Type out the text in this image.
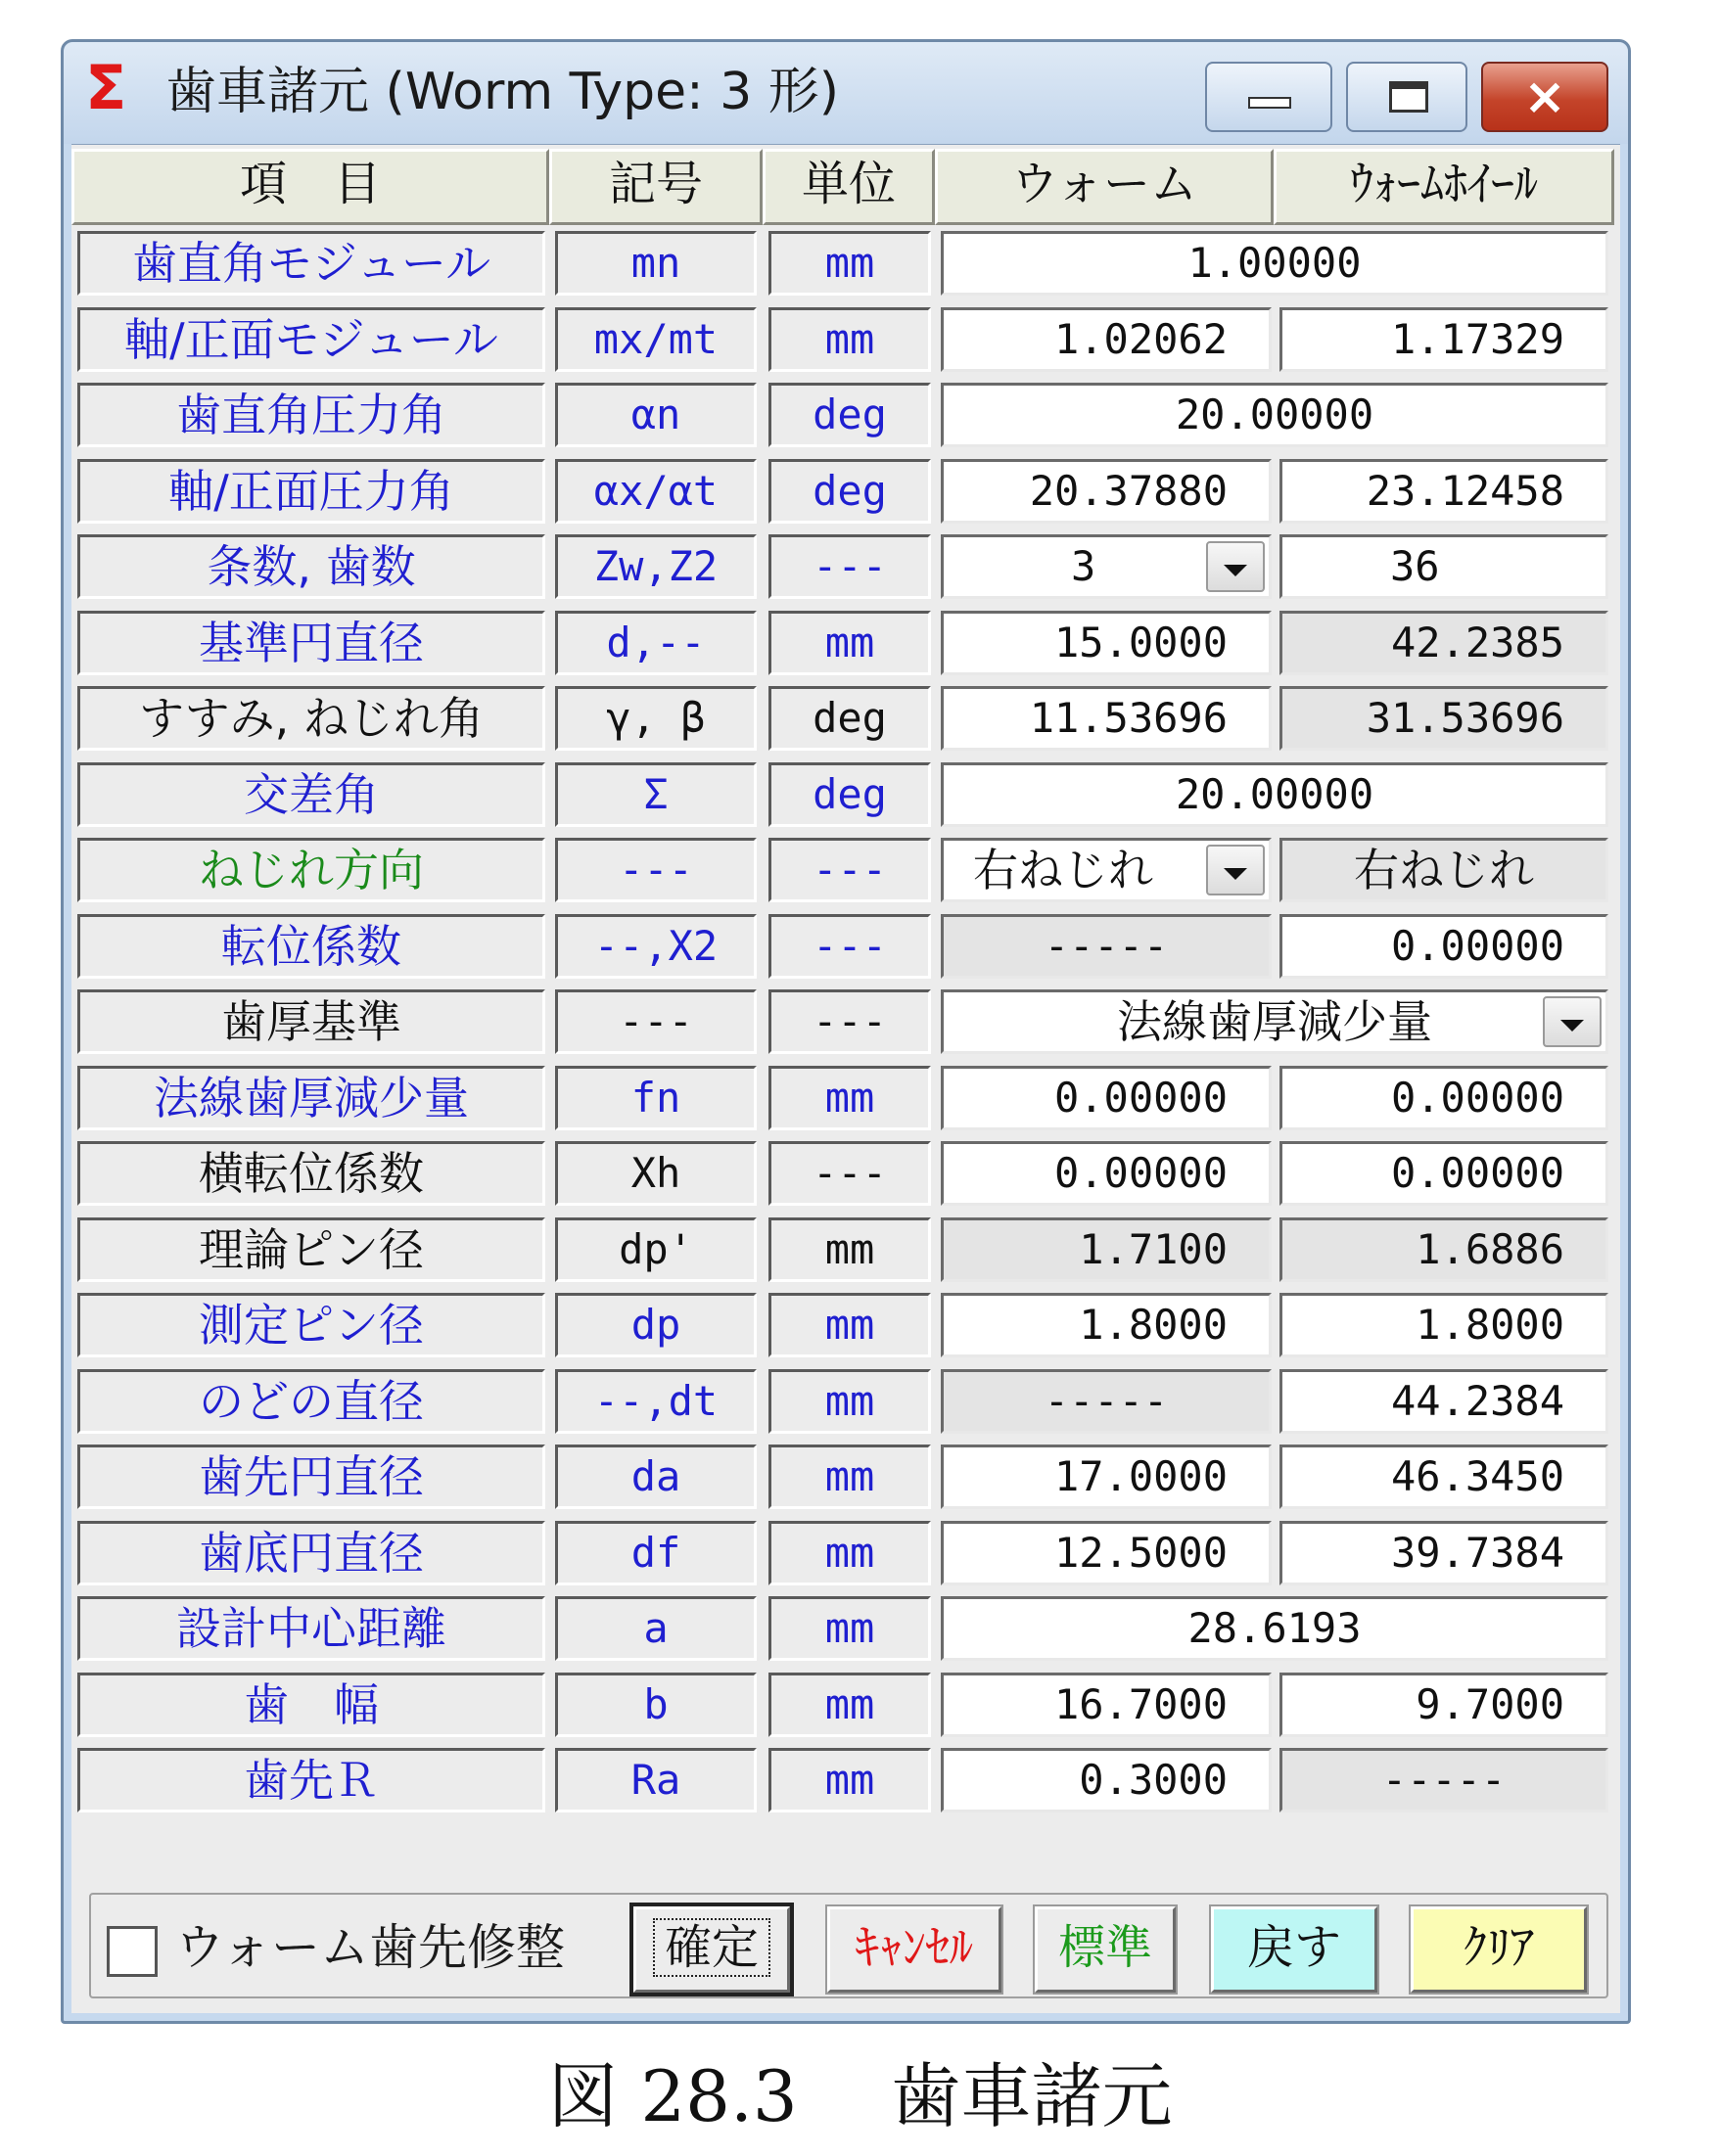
Σ 歯車諸元 (Worm Type: 3 形)	×
項　目	記号	単位	ウォーム	ｳｫｰﾑﾎｲｰﾙ
歯直角モジュール	mn	mm	1.00000
軸/正面モジュール	mx/mt	mm	1.02062	1.17329
歯直角圧力角	αn	deg	20.00000
軸/正面圧力角	αx/αt	deg	20.37880	23.12458
条数, 歯数	Zw,Z2	---	3	36
基準円直径	d,--	mm	15.0000	42.2385
すすみ, ねじれ角	γ, β	deg	11.53696	31.53696
交差角	Σ	deg	20.00000
ねじれ方向	---	---	右ねじれ	右ねじれ
転位係数	--,X2	---	-----	0.00000
歯厚基準	---	---	法線歯厚減少量
法線歯厚減少量	fn	mm	0.00000	0.00000
横転位係数	Xh	---	0.00000	0.00000
理論ピン径	dp'	mm	1.7100	1.6886
測定ピン径	dp	mm	1.8000	1.8000
のどの直径	--,dt	mm	-----	44.2384
歯先円直径	da	mm	17.0000	46.3450
歯底円直径	df	mm	12.5000	39.7384
設計中心距離	a	mm	28.6193
歯　幅	b	mm	16.7000	9.7000
歯先Ｒ	Ra	mm	0.3000	-----
ウォーム歯先修整	確定	ｷｬﾝｾﾙ	標準	戻す	ｸﾘｱ
図 28.3　 歯車諸元
